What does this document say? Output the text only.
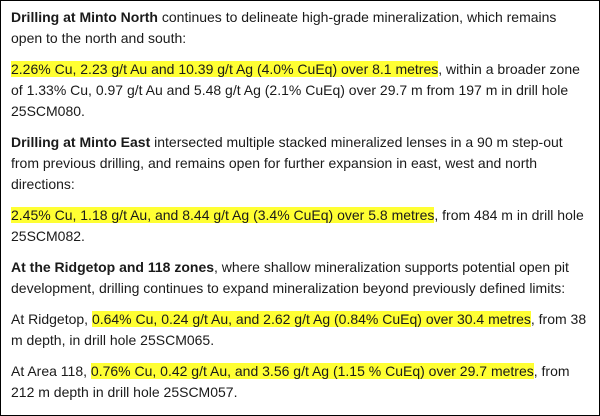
Drilling at Minto North continues to delineate high-grade mineralization, which remains open to the north and south:

2.26% Cu, 2.23 g/t Au and 10.39 g/t Ag (4.0% CuEq) over 8.1 metres, within a broader zone of 1.33% Cu, 0.97 g/t Au and 5.48 g/t Ag (2.1% CuEq) over 29.7 m from 197 m in drill hole 25SCM080.

Drilling at Minto East intersected multiple stacked mineralized lenses in a 90 m step-out from previous drilling, and remains open for further expansion in east, west and north directions:

2.45% Cu, 1.18 g/t Au, and 8.44 g/t Ag (3.4% CuEq) over 5.8 metres, from 484 m in drill hole 25SCM082.

At the Ridgetop and 118 zones, where shallow mineralization supports potential open pit development, drilling continues to expand mineralization beyond previously defined limits:

At Ridgetop, 0.64% Cu, 0.24 g/t Au, and 2.62 g/t Ag (0.84% CuEq) over 30.4 metres, from 38 m depth, in drill hole 25SCM065.

At Area 118, 0.76% Cu, 0.42 g/t Au, and 3.56 g/t Ag (1.15 % CuEq) over 29.7 metres, from 212 m depth in drill hole 25SCM057.
